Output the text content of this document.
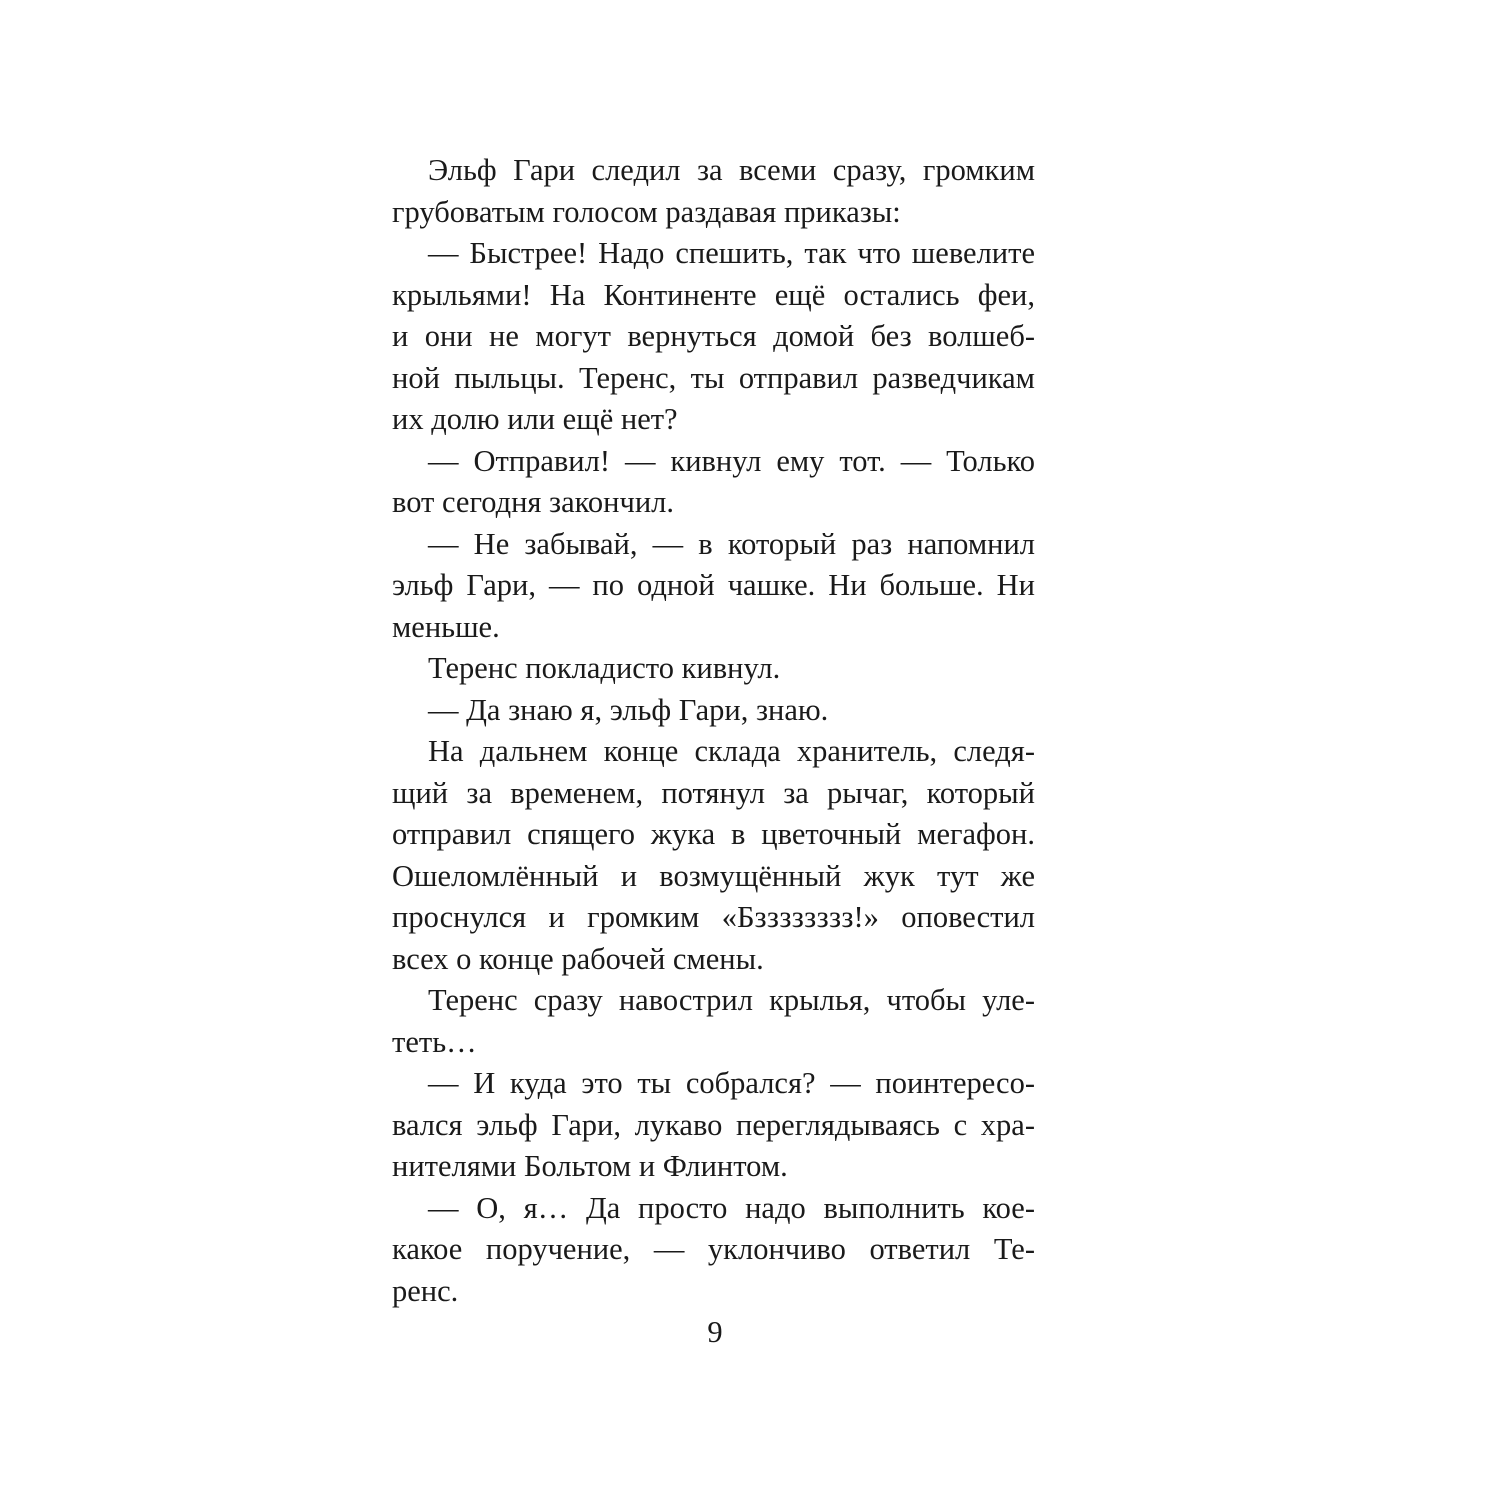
Эльф Гари следил за всеми сразу, громким
грубоватым голосом раздавая приказы:
— Быстрее! Надо спешить, так что шевелите
крыльями! На Континенте ещё остались феи,
и они не могут вернуться домой без волшеб-
ной пыльцы. Теренс, ты отправил разведчикам
их долю или ещё нет?
— Отправил! — кивнул ему тот. — Только
вот сегодня закончил.
— Не забывай, — в который раз напомнил
эльф Гари, — по одной чашке. Ни больше. Ни
меньше.
Теренс покладисто кивнул.
— Да знаю я, эльф Гари, знаю.
На дальнем конце склада хранитель, следя-
щий за временем, потянул за рычаг, который
отправил спящего жука в цветочный мегафон.
Ошеломлённый и возмущённый жук тут же
проснулся и громким «Бзззззззз!» оповестил
всех о конце рабочей смены.
Теренс сразу навострил крылья, чтобы уле-
теть…
— И куда это ты собрался? — поинтересо-
вался эльф Гари, лукаво переглядываясь с хра-
нителями Больтом и Флинтом.
— О, я… Да просто надо выполнить кое-
какое поручение, — уклончиво ответил Те-
ренс.
9
